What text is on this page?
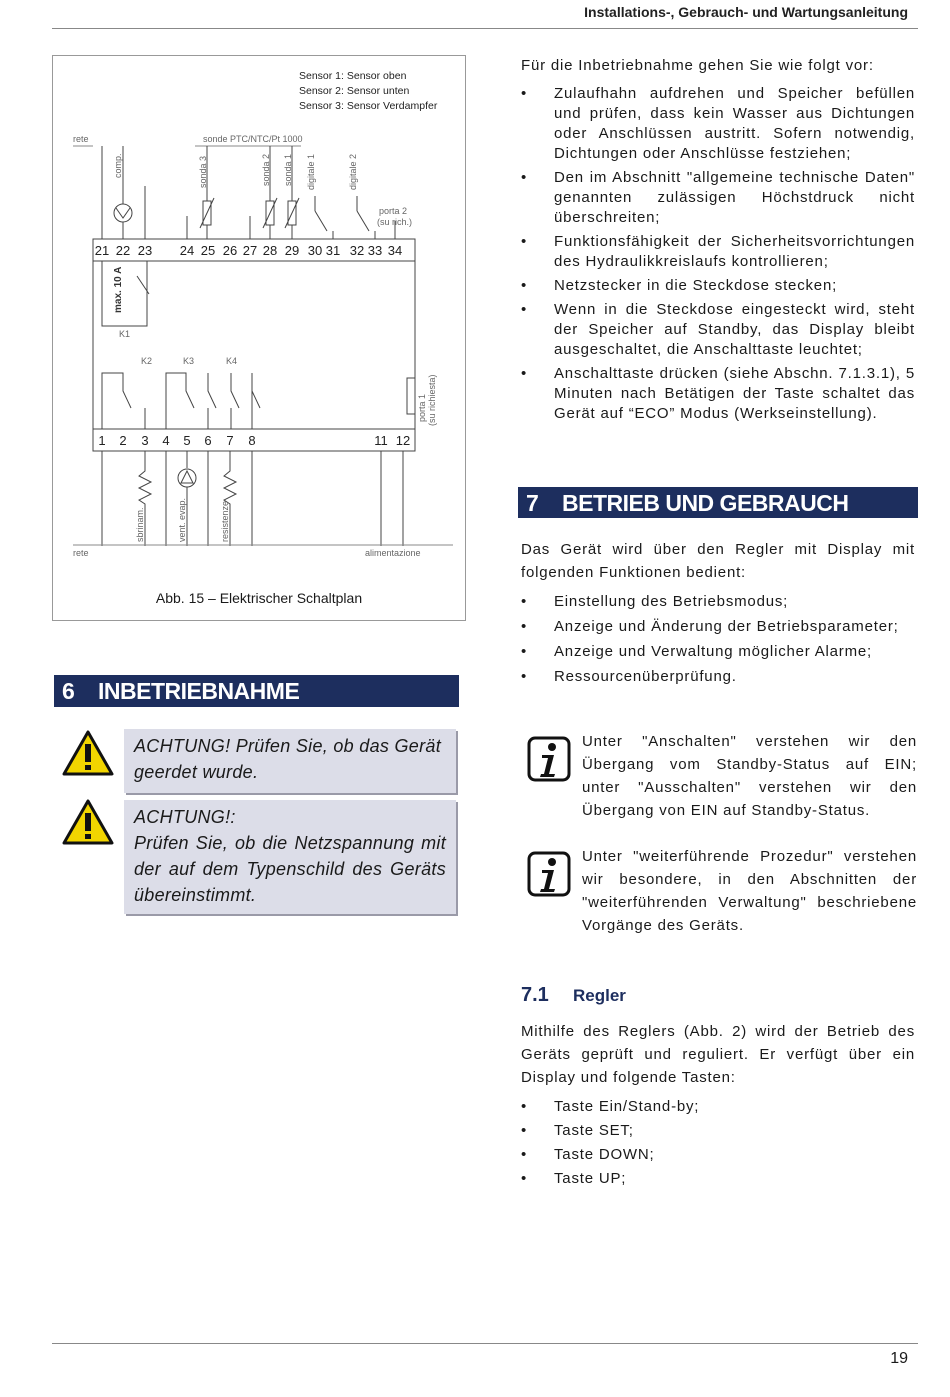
Installations-, Gebrauch- und Wartungsanleitung
Sensor 1: Sensor oben
Sensor 2: Sensor unten
Sensor 3: Sensor Verdampfer
rete	sonde PTC/NTC/Pt 1000
comp.	sonda 3	sonda 2 sonda 1 digitale 1	digitale 2
porta 2
(su rich.)
21 22 23 24 25 26 27 28 29 30 31 32 33 34
max. 10 A
K1
K2	K3	K4
porta 1 (su richiesta)
1 2 3 4 5 6 7 8	11 12
sbrinam.	vent. evap.	resistenze
rete	alimentazione
Abb. 15 – Elektrischer Schaltplan
6 INBETRIEBNAHME
ACHTUNG! Prüfen Sie, ob das Gerät geerdet wurde.
ACHTUNG!:
Prüfen Sie, ob die Netzspannung mit der auf dem Typenschild des Geräts übereinstimmt.

Für die Inbetriebnahme gehen Sie wie folgt vor:

• Zulaufhahn aufdrehen und Speicher befüllen und prüfen, dass kein Wasser aus Dichtungen oder Anschlüssen austritt. Sofern notwendig, Dichtungen oder Anschlüsse festziehen;
• Den im Abschnitt "allgemeine technische Daten" genannten zulässigen Höchstdruck nicht überschreiten;
• Funktionsfähigkeit der Sicherheitsvorrichtungen des Hydraulikkreislaufs kontrollieren;
• Netzstecker in die Steckdose stecken;
• Wenn in die Steckdose eingesteckt wird, steht der Speicher auf Standby, das Display bleibt ausgeschaltet, die Anschalttaste leuchtet;
• Anschalttaste drücken (siehe Abschn. 7.1.3.1), 5 Minuten nach Betätigen der Taste schaltet das Gerät auf “ECO” Modus (Werkseinstellung).
7 BETRIEB UND GEBRAUCH

Das Gerät wird über den Regler mit Display mit folgenden Funktionen bedient:

• Einstellung des Betriebsmodus;
• Anzeige und Änderung der Betriebsparameter;
• Anzeige und Verwaltung möglicher Alarme;
• Ressourcenüberprüfung.
Unter "Anschalten" verstehen wir den Übergang vom Standby-Status auf EIN; unter "Ausschalten" verstehen wir den Übergang von EIN auf Standby-Status.
Unter "weiterführende Prozedur" verstehen wir besondere, in den Abschnitten der "weiterführenden Verwaltung" beschriebene Vorgänge des Geräts.
7.1 Regler

Mithilfe des Reglers (Abb. 2) wird der Betrieb des Geräts geprüft und reguliert. Er verfügt über ein Display und folgende Tasten:

• Taste Ein/Stand-by;
• Taste SET;
• Taste DOWN;
• Taste UP;
19
